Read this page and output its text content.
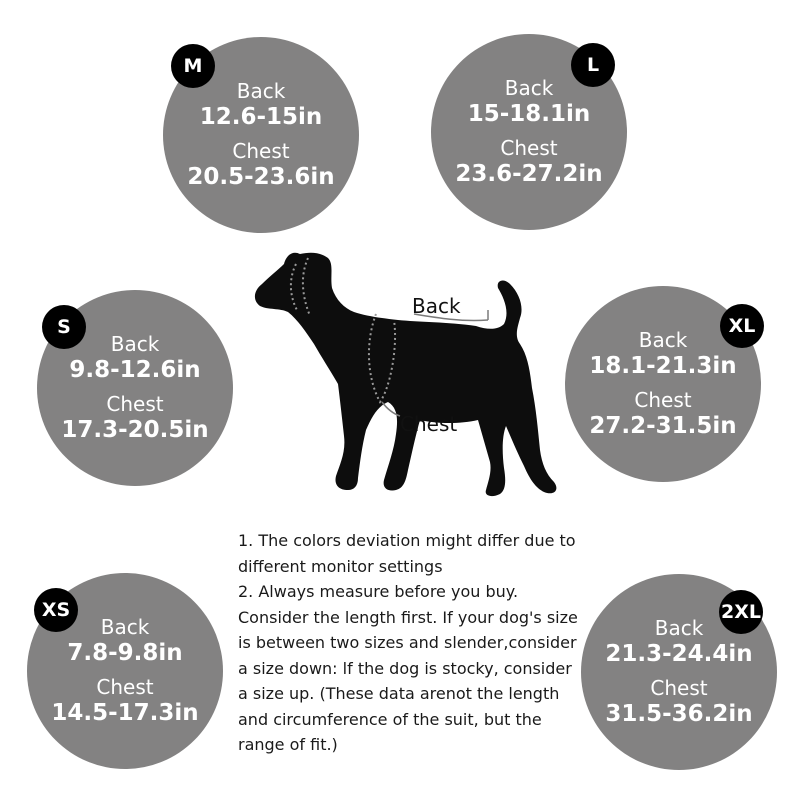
Back
12.6-15in
Chest
20.5-23.6in
M
Back
15-18.1in
Chest
23.6-27.2in
L
Back
9.8-12.6in
Chest
17.3-20.5in
S
Back
18.1-21.3in
Chest
27.2-31.5in
XL
Back
7.8-9.8in
Chest
14.5-17.3in
XS
Back
21.3-24.4in
Chest
31.5-36.2in
2XL
Back
Chest

1. The colors deviation might differ due to different monitor settings

2. Always measure before you buy. Consider the length first. If your dog's size is between two sizes and slender,consider a size down: lf the dog is stocky, consider a size up. (These data arenot the length and circumference of the suit, but the range of fit.)
